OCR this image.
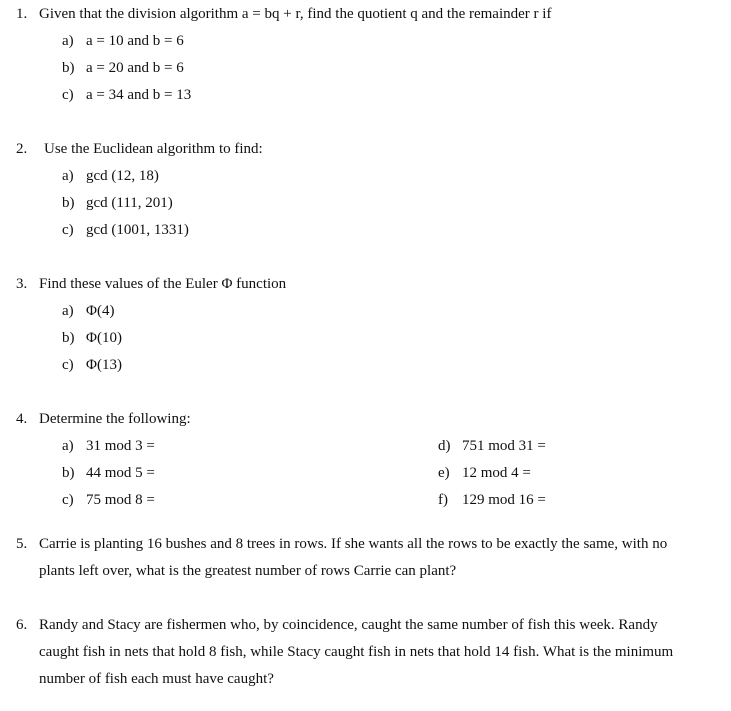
1. Given that the division algorithm a = bq + r, find the quotient q and the remainder r if
a) a = 10 and b = 6
b) a = 20 and b = 6
c) a = 34 and b = 13
2. Use the Euclidean algorithm to find:
a) gcd (12, 18)
b) gcd (111, 201)
c) gcd (1001, 1331)
3. Find these values of the Euler Φ function
a) Φ(4)
b) Φ(10)
c) Φ(13)
4. Determine the following:
a) 31 mod 3 =
b) 44 mod 5 =
c) 75 mod 8 =
d) 751 mod 31 =
e) 12 mod 4 =
f) 129 mod 16 =
5. Carrie is planting 16 bushes and 8 trees in rows. If she wants all the rows to be exactly the same, with no
plants left over, what is the greatest number of rows Carrie can plant?
6. Randy and Stacy are fishermen who, by coincidence, caught the same number of fish this week. Randy
caught fish in nets that hold 8 fish, while Stacy caught fish in nets that hold 14 fish. What is the minimum
number of fish each must have caught?
